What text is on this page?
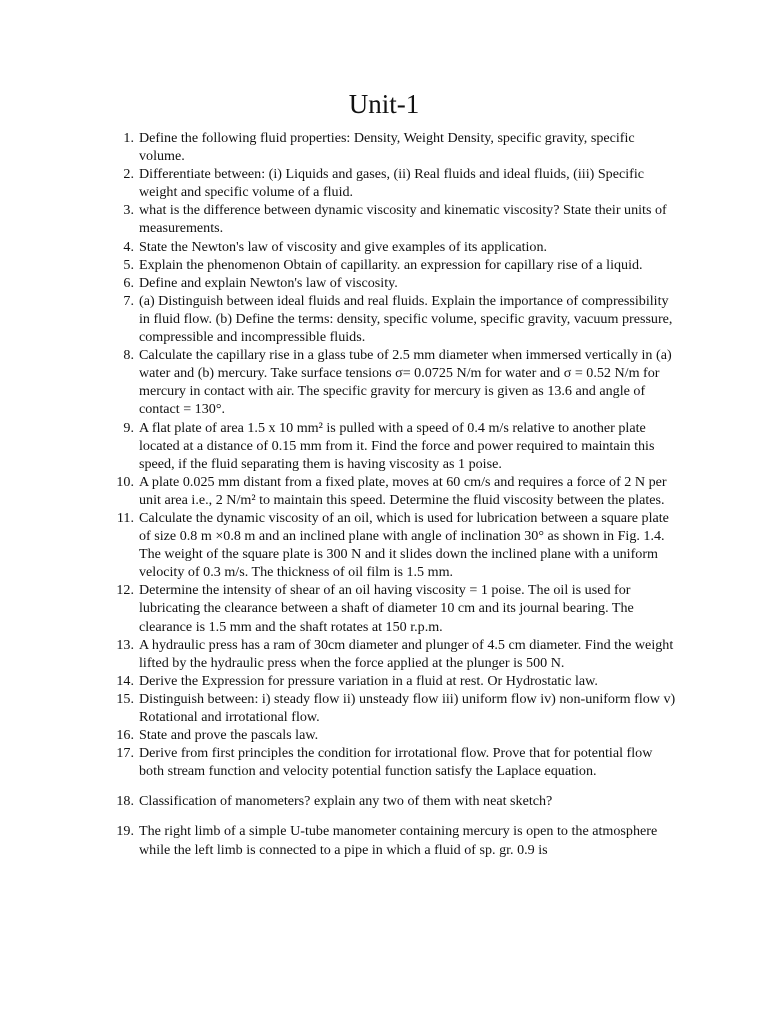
Unit-1
1. Define the following fluid properties: Density, Weight Density, specific gravity, specific volume.
2. Differentiate between: (i) Liquids and gases, (ii) Real fluids and ideal fluids, (iii) Specific weight and specific volume of a fluid.
3. what is the difference between dynamic viscosity and kinematic viscosity? State their units of measurements.
4. State the Newton's law of viscosity and give examples of its application.
5. Explain the phenomenon Obtain of capillarity. an expression for capillary rise of a liquid.
6. Define and explain Newton's law of viscosity.
7. (a) Distinguish between ideal fluids and real fluids. Explain the importance of compressibility in fluid flow. (b) Define the terms: density, specific volume, specific gravity, vacuum pressure, compressible and incompressible fluids.
8. Calculate the capillary rise in a glass tube of 2.5 mm diameter when immersed vertically in (a) water and (b) mercury. Take surface tensions σ= 0.0725 N/m for water and σ = 0.52 N/m for mercury in contact with air. The specific gravity for mercury is given as 13.6 and angle of contact = 130°.
9. A flat plate of area 1.5 x 10 mm² is pulled with a speed of 0.4 m/s relative to another plate located at a distance of 0.15 mm from it. Find the force and power required to maintain this speed, if the fluid separating them is having viscosity as 1 poise.
10. A plate 0.025 mm distant from a fixed plate, moves at 60 cm/s and requires a force of 2 N per unit area i.e., 2 N/m² to maintain this speed. Determine the fluid viscosity between the plates.
11. Calculate the dynamic viscosity of an oil, which is used for lubrication between a square plate of size 0.8 m ×0.8 m and an inclined plane with angle of inclination 30° as shown in Fig. 1.4. The weight of the square plate is 300 N and it slides down the inclined plane with a uniform velocity of 0.3 m/s. The thickness of oil film is 1.5 mm.
12. Determine the intensity of shear of an oil having viscosity = 1 poise. The oil is used for lubricating the clearance between a shaft of diameter 10 cm and its journal bearing. The clearance is 1.5 mm and the shaft rotates at 150 r.p.m.
13. A hydraulic press has a ram of 30cm diameter and plunger of 4.5 cm diameter. Find the weight lifted by the hydraulic press when the force applied at the plunger is 500 N.
14. Derive the Expression for pressure variation in a fluid at rest. Or Hydrostatic law.
15. Distinguish between: i) steady flow ii) unsteady flow iii) uniform flow iv) non-uniform flow v) Rotational and irrotational flow.
16. State and prove the pascals law.
17. Derive from first principles the condition for irrotational flow. Prove that for potential flow both stream function and velocity potential function satisfy the Laplace equation.
18. Classification of manometers? explain any two of them with neat sketch?
19. The right limb of a simple U-tube manometer containing mercury is open to the atmosphere while the left limb is connected to a pipe in which a fluid of sp. gr. 0.9 is
